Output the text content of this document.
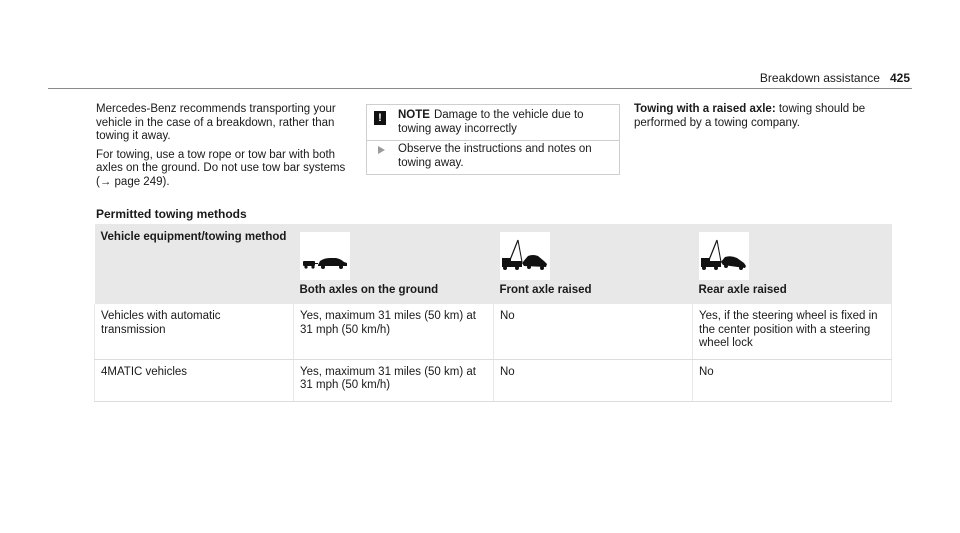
Breakdown assistance 425

Mercedes-Benz recommends transporting your vehicle in the case of a breakdown, rather than towing it away.

For towing, use a tow rope or tow bar with both axles on the ground. Do not use tow bar systems (→ page 249).

!	NOTE Damage to the vehicle due to towing away incorrectly
Observe the instructions and notes on towing away.
Towing with a raised axle: towing should be performed by a towing company.
Permitted towing methods
Vehicle equipment/towing method	Both axles on the ground	Front axle raised	Rear axle raised

Vehicles with automatic transmission	Yes, maximum 31 miles (50 km) at 31 mph (50 km/h)	No	Yes, if the steering wheel is fixed in the center position with a steering wheel lock
4MATIC vehicles	Yes, maximum 31 miles (50 km) at 31 mph (50 km/h)	No	No
